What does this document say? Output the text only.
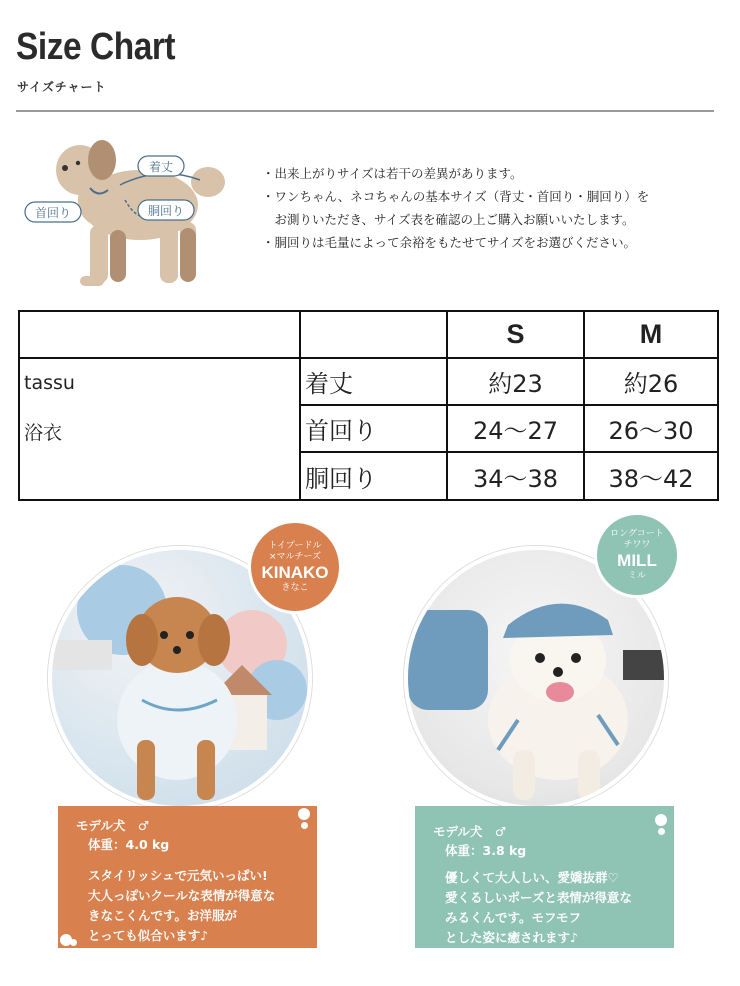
Size Chart
サイズチャート
首回り
着丈
胴回り
・出来上がりサイズは若干の差異があります。
・ワンちゃん、ネコちゃんの基本サイズ（背丈・首回り・胴回り）を
　お測りいただき、サイズ表を確認の上ご購入お願いいたします。
・胴回りは毛量によって余裕をもたせてサイズをお選びください。
S	M
tassu
浴衣
着丈	約23	約26
首回り	24～27	26～30
胴回り	34～38	38～42
トイプードル
×マルチーズ
KINAKO
きなこ
ロングコート
チワワ
MILL
ミル
モデル犬　♂
体重：4.0 kg
スタイリッシュで元気いっぱい!
大人っぽいクールな表情が得意な
きなこくんです。お洋服が
とっても似合います♪
モデル犬　♂
体重：3.8 kg
優しくて大人しい、愛嬌抜群♡
愛くるしいポーズと表情が得意な
みるくんです。モフモフ
とした姿に癒されます♪
